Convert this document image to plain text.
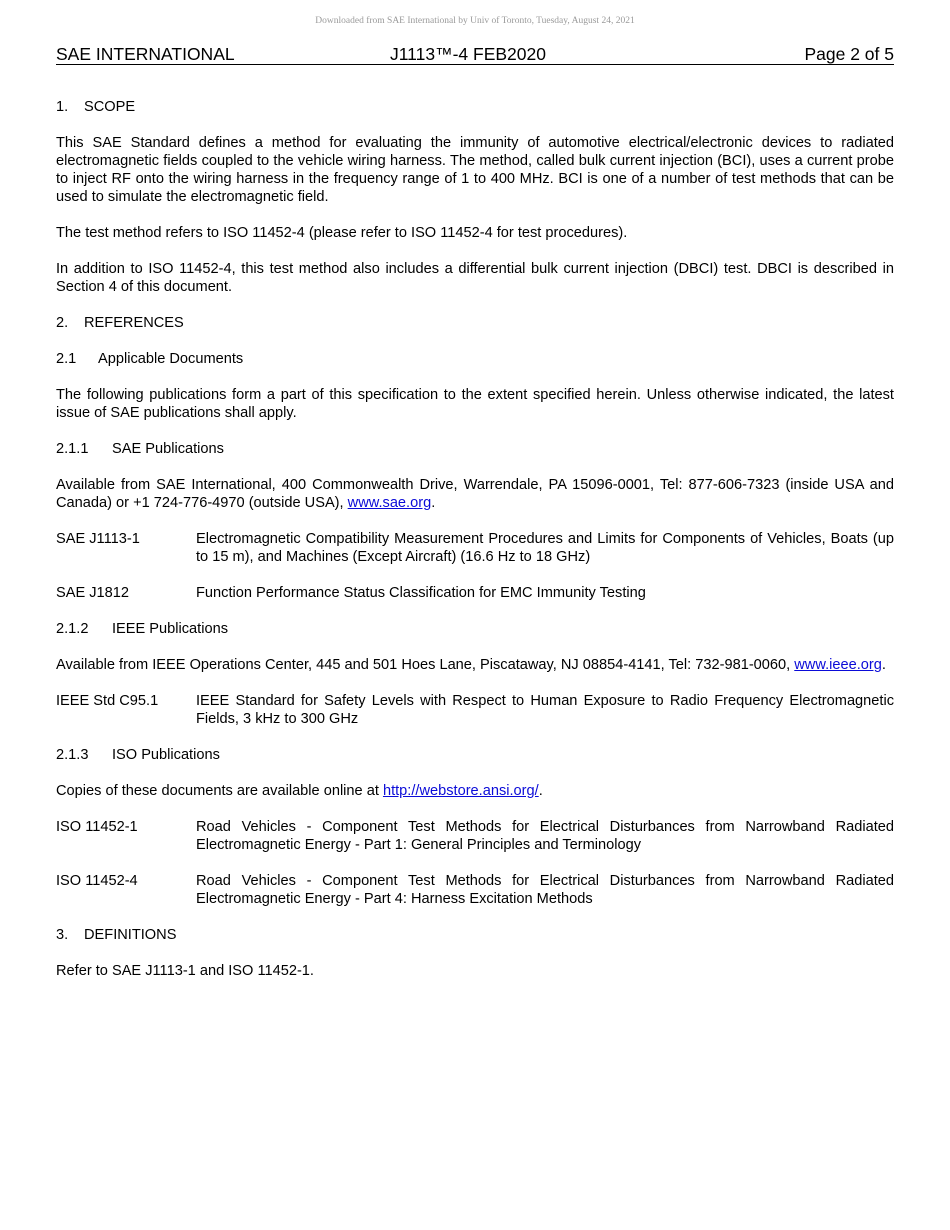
Downloaded from SAE International by Univ of Toronto, Tuesday, August 24, 2021
SAE INTERNATIONAL	J1113™-4 FEB2020	Page 2 of 5
1. SCOPE

This SAE Standard defines a method for evaluating the immunity of automotive electrical/electronic devices to radiated electromagnetic fields coupled to the vehicle wiring harness. The method, called bulk current injection (BCI), uses a current probe to inject RF onto the wiring harness in the frequency range of 1 to 400 MHz. BCI is one of a number of test methods that can be used to simulate the electromagnetic field.

The test method refers to ISO 11452-4 (please refer to ISO 11452-4 for test procedures).

In addition to ISO 11452-4, this test method also includes a differential bulk current injection (DBCI) test. DBCI is described in Section 4 of this document.

2. REFERENCES
2.1 Applicable Documents

The following publications form a part of this specification to the extent specified herein. Unless otherwise indicated, the latest issue of SAE publications shall apply.

2.1.1 SAE Publications

Available from SAE International, 400 Commonwealth Drive, Warrendale, PA 15096-0001, Tel: 877-606-7323 (inside USA and Canada) or +1 724-776-4970 (outside USA), www.sae.org.

SAE J1113-1	Electromagnetic Compatibility Measurement Procedures and Limits for Components of Vehicles, Boats (up to 15 m), and Machines (Except Aircraft) (16.6 Hz to 18 GHz)
SAE J1812	Function Performance Status Classification for EMC Immunity Testing
2.1.2 IEEE Publications

Available from IEEE Operations Center, 445 and 501 Hoes Lane, Piscataway, NJ 08854-4141, Tel: 732-981-0060, www.ieee.org.

IEEE Std C95.1	IEEE Standard for Safety Levels with Respect to Human Exposure to Radio Frequency Electromagnetic Fields, 3 kHz to 300 GHz
2.1.3 ISO Publications

Copies of these documents are available online at http://webstore.ansi.org/.

ISO 11452-1	Road Vehicles - Component Test Methods for Electrical Disturbances from Narrowband Radiated Electromagnetic Energy - Part 1: General Principles and Terminology
ISO 11452-4	Road Vehicles - Component Test Methods for Electrical Disturbances from Narrowband Radiated Electromagnetic Energy - Part 4: Harness Excitation Methods
3. DEFINITIONS

Refer to SAE J1113-1 and ISO 11452-1.
